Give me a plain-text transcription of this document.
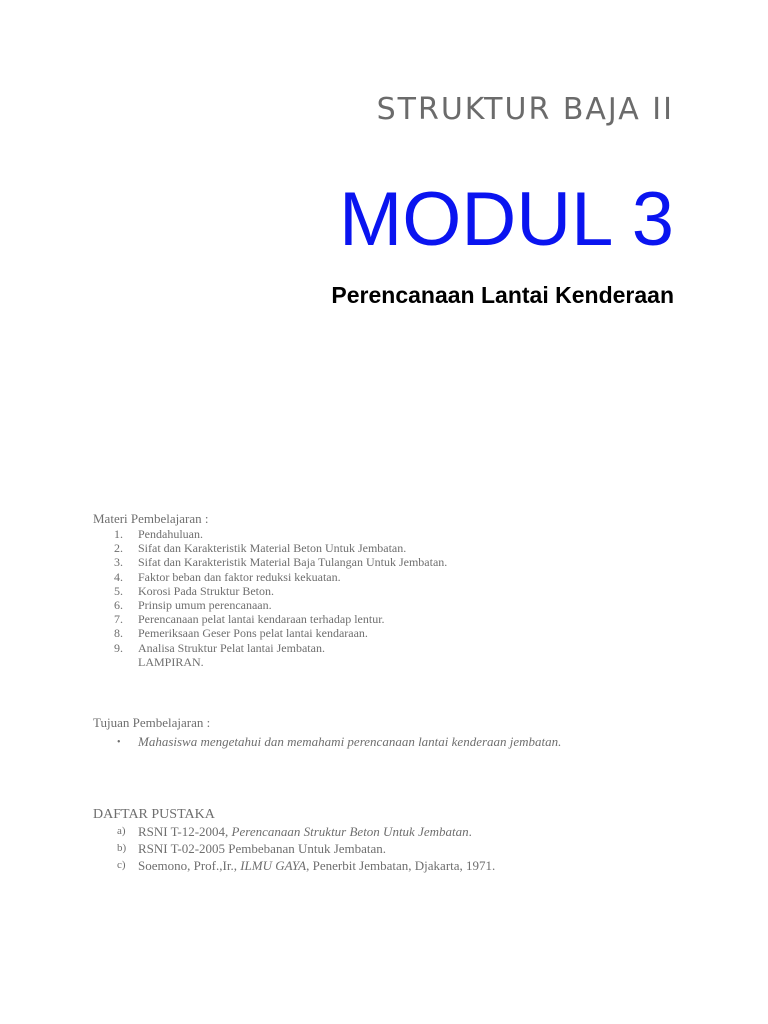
STRUKTUR BAJA II
MODUL 3
Perencanaan Lantai Kenderaan
Materi Pembelajaran :
1.	Pendahuluan.
2.	Sifat dan Karakteristik Material Beton Untuk Jembatan.
3.	Sifat dan Karakteristik Material Baja Tulangan Untuk Jembatan.
4.	Faktor beban dan faktor reduksi kekuatan.
5.	Korosi Pada Struktur Beton.
6.	Prinsip umum perencanaan.
7.	Perencanaan pelat lantai kendaraan terhadap lentur.
8.	Pemeriksaan Geser Pons pelat lantai kendaraan.
9.	Analisa Struktur Pelat lantai Jembatan.
LAMPIRAN.
Tujuan Pembelajaran :
•	Mahasiswa mengetahui dan memahami perencanaan lantai kenderaan jembatan.
DAFTAR PUSTAKA
a) RSNI T-12-2004, Perencanaan Struktur Beton Untuk Jembatan.
b) RSNI T-02-2005 Pembebanan Untuk Jembatan.
c) Soemono, Prof.,Ir., ILMU GAYA, Penerbit Jembatan, Djakarta, 1971.
